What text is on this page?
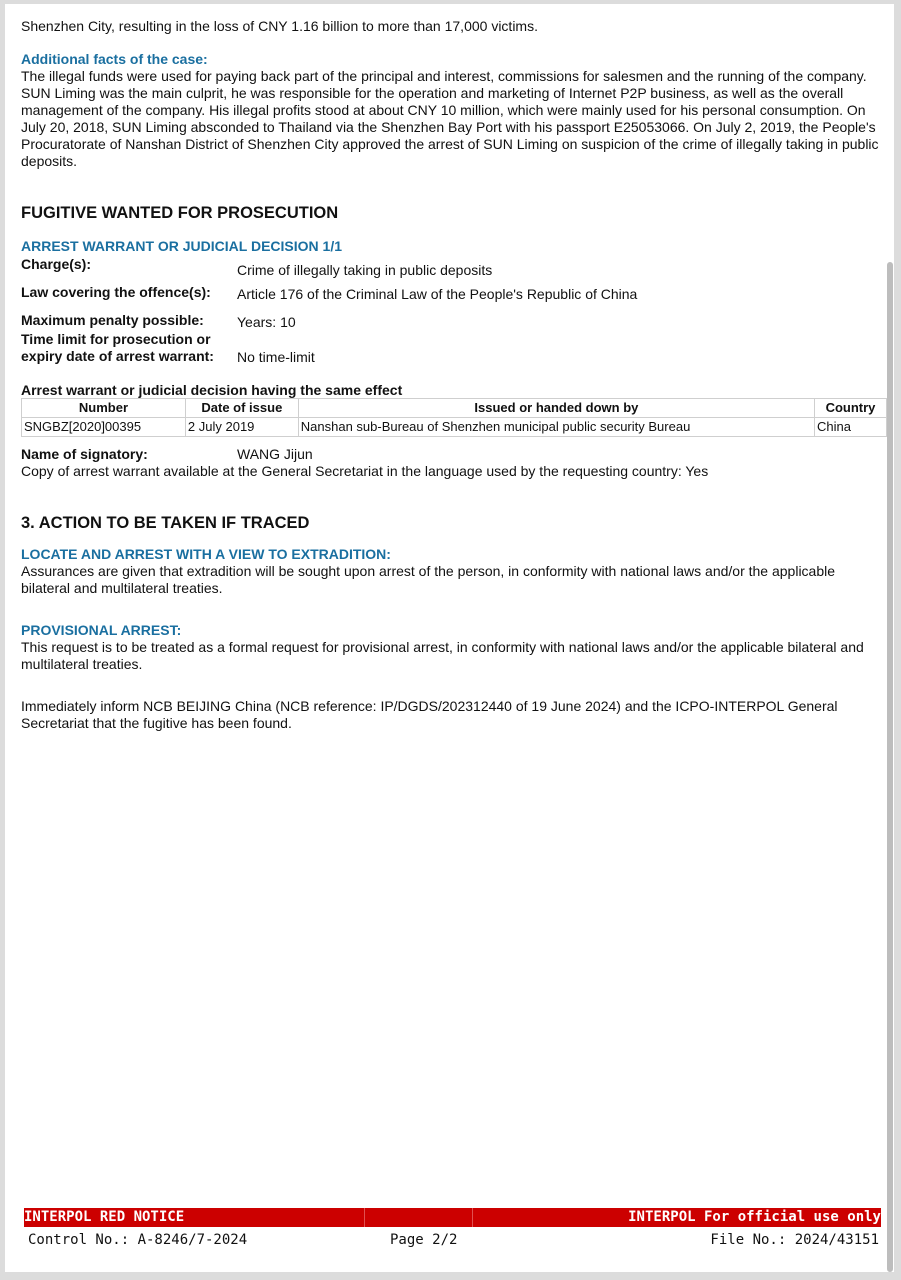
Shenzhen City, resulting in the loss of CNY 1.16 billion to more than 17,000 victims.
Additional facts of the case:
The illegal funds were used for paying back part of the principal and interest, commissions for salesmen and the running of the company. SUN Liming was the main culprit, he was responsible for the operation and marketing of Internet P2P business, as well as the overall management of the company. His illegal profits stood at about CNY 10 million, which were mainly used for his personal consumption. On July 20, 2018, SUN Liming absconded to Thailand via the Shenzhen Bay Port with his passport E25053066. On July 2, 2019, the People's Procuratorate of Nanshan District of Shenzhen City approved the arrest of SUN Liming on suspicion of the crime of illegally taking in public deposits.
FUGITIVE WANTED FOR PROSECUTION
ARREST WARRANT OR JUDICIAL DECISION 1/1
Charge(s):	Crime of illegally taking in public deposits
Law covering the offence(s): Article 176 of the Criminal Law of the People's Republic of China
Maximum penalty possible: Years: 10
Time limit for prosecution or
expiry date of arrest warrant: No time-limit
Arrest warrant or judicial decision having the same effect
Number	Date of issue	Issued or handed down by	Country
SNGBZ[2020]00395	2 July 2019	Nanshan sub-Bureau of Shenzhen municipal public security Bureau	China
Name of signatory:	WANG Jijun
Copy of arrest warrant available at the General Secretariat in the language used by the requesting country: Yes
3. ACTION TO BE TAKEN IF TRACED
LOCATE AND ARREST WITH A VIEW TO EXTRADITION:
Assurances are given that extradition will be sought upon arrest of the person, in conformity with national laws and/or the applicable bilateral and multilateral treaties.
PROVISIONAL ARREST:
This request is to be treated as a formal request for provisional arrest, in conformity with national laws and/or the applicable bilateral and multilateral treaties.
Immediately inform NCB BEIJING China (NCB reference: IP/DGDS/202312440 of 19 June 2024) and the ICPO-INTERPOL General Secretariat that the fugitive has been found.
INTERPOL RED NOTICE	INTERPOL For official use only
Control No.: A-8246/7-2024	Page 2/2	File No.: 2024/43151
